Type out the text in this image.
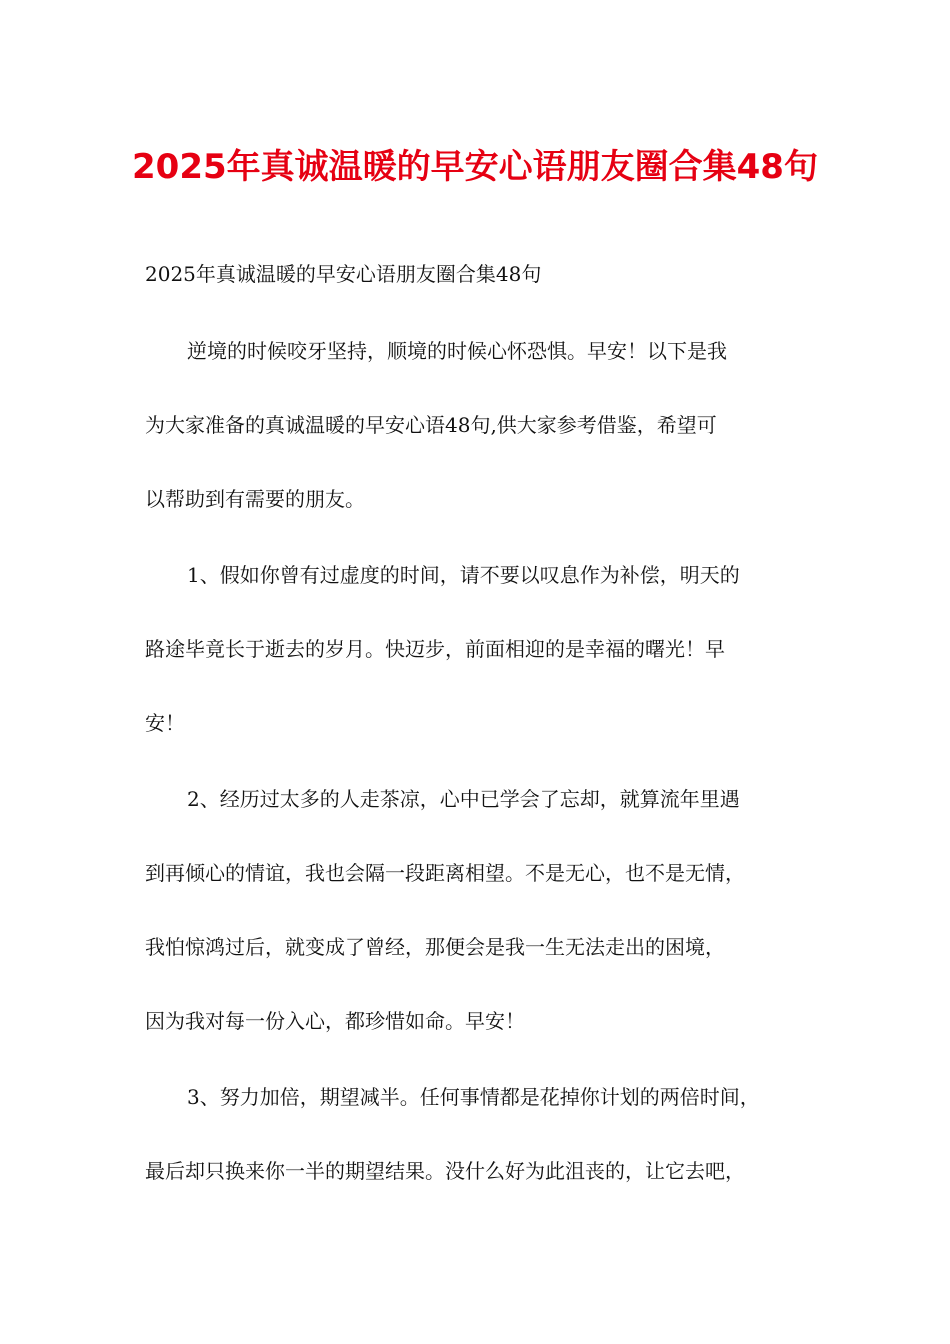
2025年真诚温暖的早安心语朋友圈合集48句

2025年真诚温暖的早安心语朋友圈合集48句

逆境的时候咬牙坚持，顺境的时候心怀恐惧。早安！以下是我

为大家准备的真诚温暖的早安心语48句,供大家参考借鉴，希望可

以帮助到有需要的朋友。

1、假如你曾有过虚度的时间，请不要以叹息作为补偿，明天的

路途毕竟长于逝去的岁月。快迈步，前面相迎的是幸福的曙光！早

安！

2、经历过太多的人走茶凉，心中已学会了忘却，就算流年里遇

到再倾心的情谊，我也会隔一段距离相望。不是无心，也不是无情，

我怕惊鸿过后，就变成了曾经，那便会是我一生无法走出的困境，

因为我对每一份入心，都珍惜如命。早安！

3、努力加倍，期望减半。任何事情都是花掉你计划的两倍时间，

最后却只换来你一半的期望结果。没什么好为此沮丧的，让它去吧，
